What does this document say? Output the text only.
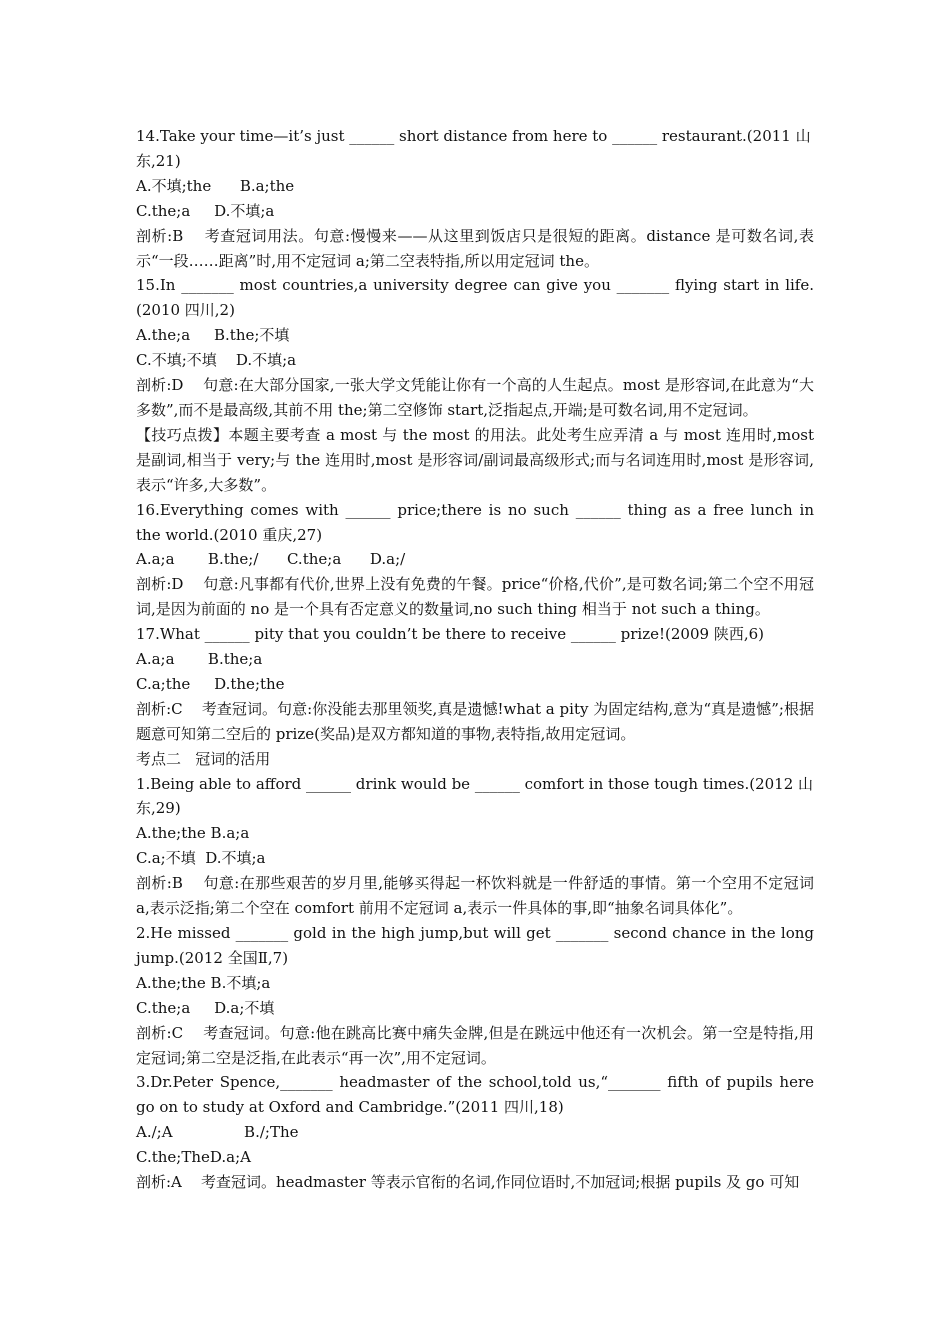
14.Take your time—it’s just ______ short distance from here to ______ restaurant.(2011 山东,21)
A.不填;the      B.a;the
C.the;a     D.不填;a
剖析:B    考查冠词用法。句意:慢慢来——从这里到饭店只是很短的距离。distance 是可数名词,表示“一段……距离”时,用不定冠词 a;第二空表特指,所以用定冠词 the。
15.In _______ most countries,a university degree can give you _______ flying start in life.(2010 四川,2)
A.the;a     B.the;不填
C.不填;不填    D.不填;a
剖析:D    句意:在大部分国家,一张大学文凭能让你有一个高的人生起点。most 是形容词,在此意为“大多数”,而不是最高级,其前不用 the;第二空修饰 start,泛指起点,开端;是可数名词,用不定冠词。
【技巧点拨】本题主要考查 a most 与 the most 的用法。此处考生应弄清 a 与 most 连用时,most 是副词,相当于 very;与 the 连用时,most 是形容词/副词最高级形式;而与名词连用时,most 是形容词,表示“许多,大多数”。
16.Everything comes with ______ price;there is no such ______ thing as a free lunch in the world.(2010 重庆,27)
A.a;a       B.the;/      C.the;a      D.a;/
剖析:D    句意:凡事都有代价,世界上没有免费的午餐。price“价格,代价”,是可数名词;第二个空不用冠词,是因为前面的 no 是一个具有否定意义的数量词,no such thing 相当于 not such a thing。
17.What ______ pity that you couldn’t be there to receive ______ prize!(2009 陕西,6)
A.a;a       B.the;a
C.a;the     D.the;the
剖析:C    考查冠词。句意:你没能去那里领奖,真是遗憾!what a pity 为固定结构,意为“真是遗憾”;根据题意可知第二空后的 prize(奖品)是双方都知道的事物,表特指,故用定冠词。
考点二   冠词的活用
1.Being able to afford ______ drink would be ______ comfort in those tough times.(2012 山东,29)
A.the;the B.a;a
C.a;不填  D.不填;a
剖析:B    句意:在那些艰苦的岁月里,能够买得起一杯饮料就是一件舒适的事情。第一个空用不定冠词 a,表示泛指;第二个空在 comfort 前用不定冠词 a,表示一件具体的事,即“抽象名词具体化”。
2.He missed _______ gold in the high jump,but will get _______ second chance in the long jump.(2012 全国Ⅱ,7)
A.the;the B.不填;a
C.the;a     D.a;不填
剖析:C    考查冠词。句意:他在跳高比赛中痛失金牌,但是在跳远中他还有一次机会。第一空是特指,用定冠词;第二空是泛指,在此表示“再一次”,用不定冠词。
3.Dr.Peter Spence,_______ headmaster of the school,told us,“_______ fifth of pupils here go on to study at Oxford and Cambridge.”(2011 四川,18)
A./;A               B./;The
C.the;TheD.a;A
剖析:A    考查冠词。headmaster 等表示官衔的名词,作同位语时,不加冠词;根据 pupils 及 go 可知
